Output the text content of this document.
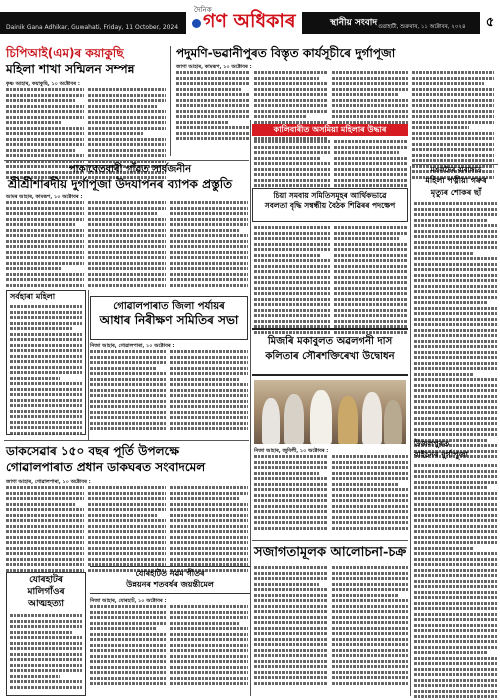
Dainik Gana Adhikar, Guwahati, Friday, 11 October, 2024
দৈনিক
গণ অধিকাৰ	স্থানীয় সংবাদ গুৱাহাটী, শুক্ৰবাৰ, ১১ অক্টোবৰ, ২০২৪	৫
চিপিআই(এম)ৰ কয়াকুছি
মহিলা শাখা সন্মিলন সম্পন্ন
কৃষ্ণ আহাৰ, কয়াকুছি, ১০ অক্টোবৰ :
পদুমণি-ভৱানীপুৰত বিস্তৃত কাৰ্যসূচীৰে দুৰ্গাপূজা
জাগা আহাৰ, কামৰূপ, ১০ অক্টোবৰ :
কালিবাৰীত অসমিয়া মহিলাৰ উদ্ধাৰ
মঙলদৈৰ বাৰাঙ্গাত
মহিলা পত্নীয়া গৰুৰ
মৃত্যুৰ শোকৰ ছাঁ
পাকাবেতবাৰী গাঁৱত সাৰ্বজনীন
শ্ৰীশ্ৰীশাৰদীয় দুৰ্গাপূজা উদযাপনৰ ব্যাপক প্ৰস্তুতি
আমৰ আহাৰ, কামৰূপ, ১০ অক্টোবৰ :	চিয়া সমবায় সমিতিসমূহৰ আৰ্থিকভাৱে
সবলতা বৃদ্ধি সম্বন্ধীয় বৈঠক শিৱিৰৰ পদক্ষেপ
সৰ্বহাৰা মহিলা
গোৱালপাৰাত জিলা পৰ্যায়ৰ
আধাৰ নিৰীক্ষণ সমিতিৰ সভা
নিজা আহাৰ, গোৱালপাৰা, ১০ অক্টোবৰ :	মিজৰি মকাবুলত অৱলগনী দাস
কলিতাৰ সৌৰশক্তিৰেখা উদ্বোধন
নিজা আহাৰ, জুবিলী, ১০ অক্টোবৰ :
উজলপুৰত
বাইচনৰ দুৰ্গাপূজা
ডাকসেৱাৰ ১৫০ বছৰ পূৰ্তি উপলক্ষে
গোৱালপাৰাত প্ৰধান ডাকঘৰত সংবাদমেল
জাগা আহাৰ, গোৱালপাৰা, ১০ অক্টোবৰ :
যোৰহাটৰ
মালিগাঁওৰ
আত্মহত্যা
যোৰহাটত নৱম গীতৰ
উন্নয়নৰ শতবৰ্ষৰ জয়ন্তীমেল
নিজা আহাৰ, যোৰহাট, ১০ অক্টোবৰ :
সজাগতামূলক আলোচনা-চক্ৰ
